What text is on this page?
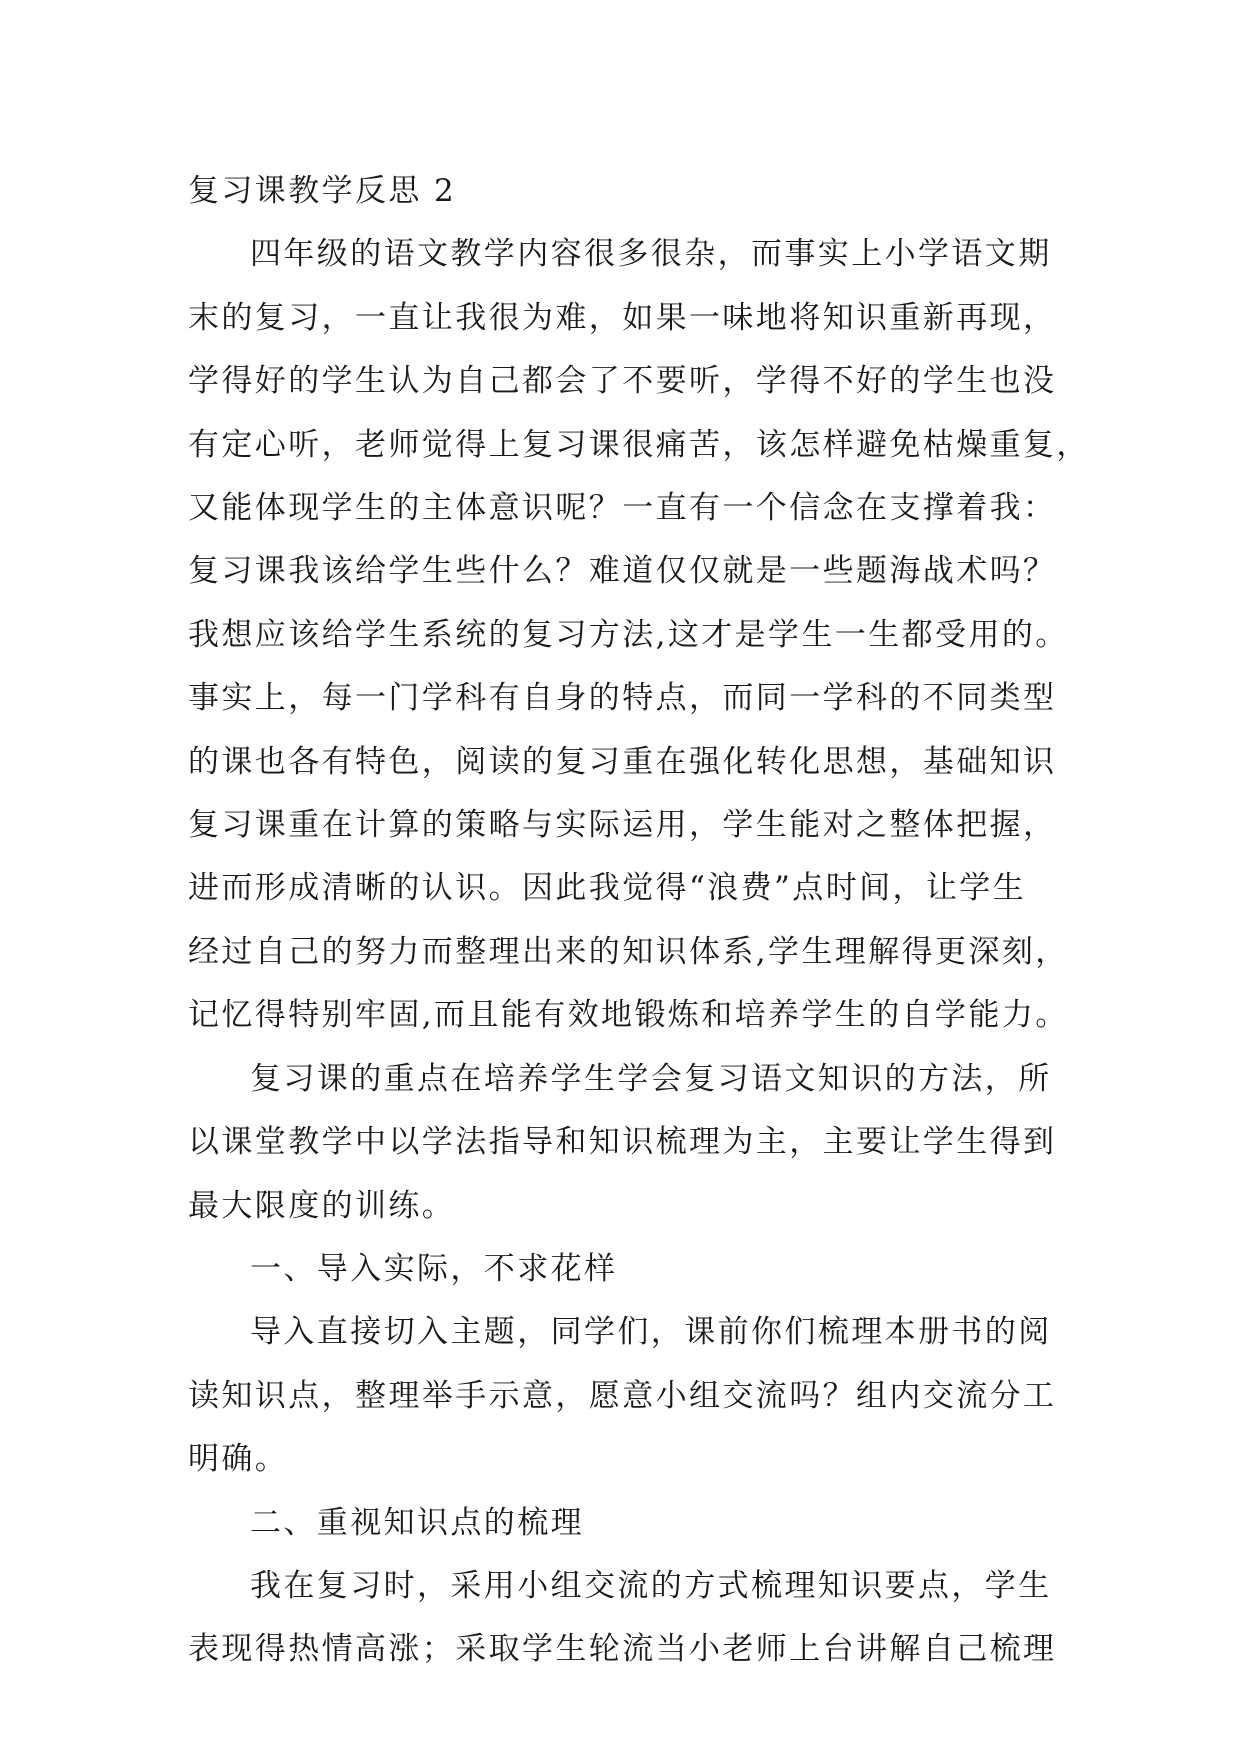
复习课教学反思 2

四年级的语文教学内容很多很杂，而事实上小学语文期
末的复习，一直让我很为难，如果一味地将知识重新再现，
学得好的学生认为自己都会了不要听，学得不好的学生也没
有定心听，老师觉得上复习课很痛苦，该怎样避免枯燥重复，
又能体现学生的主体意识呢？一直有一个信念在支撑着我：
复习课我该给学生些什么？难道仅仅就是一些题海战术吗？
我想应该给学生系统的复习方法,这才是学生一生都受用的。
事实上，每一门学科有自身的特点，而同一学科的不同类型
的课也各有特色，阅读的复习重在强化转化思想，基础知识
复习课重在计算的策略与实际运用，学生能对之整体把握，
进而形成清晰的认识。因此我觉得“浪费”点时间，让学生
经过自己的努力而整理出来的知识体系,学生理解得更深刻，
记忆得特别牢固,而且能有效地锻炼和培养学生的自学能力。

复习课的重点在培养学生学会复习语文知识的方法，所
以课堂教学中以学法指导和知识梳理为主，主要让学生得到
最大限度的训练。

一、导入实际，不求花样

导入直接切入主题，同学们，课前你们梳理本册书的阅
读知识点，整理举手示意，愿意小组交流吗？组内交流分工
明确。

二、重视知识点的梳理

我在复习时，采用小组交流的方式梳理知识要点，学生
表现得热情高涨；采取学生轮流当小老师上台讲解自己梳理
